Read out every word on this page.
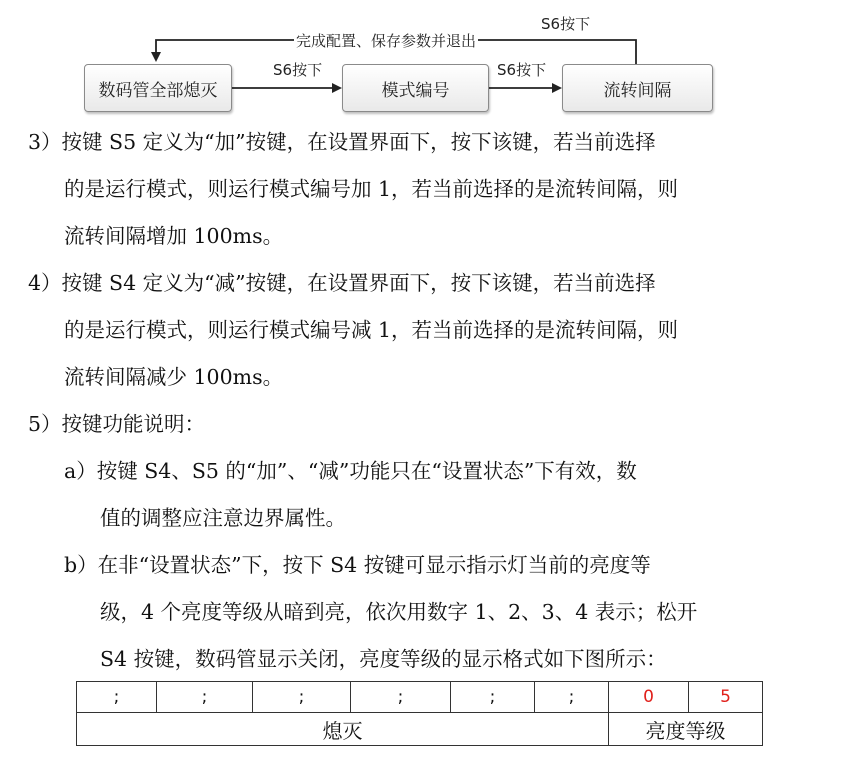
数码管全部熄灭	模式编号	流转间隔
完成配置、保存参数并退出
S6按下
S6按下	S6按下
3）按键 S5 定义为“加”按键，在设置界面下，按下该键，若当前选择
的是运行模式，则运行模式编号加 1，若当前选择的是流转间隔，则
流转间隔增加 100ms。
4）按键 S4 定义为“减”按键，在设置界面下，按下该键，若当前选择
的是运行模式，则运行模式编号减 1，若当前选择的是流转间隔，则
流转间隔减少 100ms。
5）按键功能说明：
a）按键 S4、S5 的“加”、“减”功能只在“设置状态”下有效，数
值的调整应注意边界属性。
b）在非“设置状态”下，按下 S4 按键可显示指示灯当前的亮度等
级，4 个亮度等级从暗到亮，依次用数字 1、2、3、4 表示；松开
S4 按键，数码管显示关闭，亮度等级的显示格式如下图所示：
;	;	;	;	;	;	0	5
熄灭						亮度等级	
